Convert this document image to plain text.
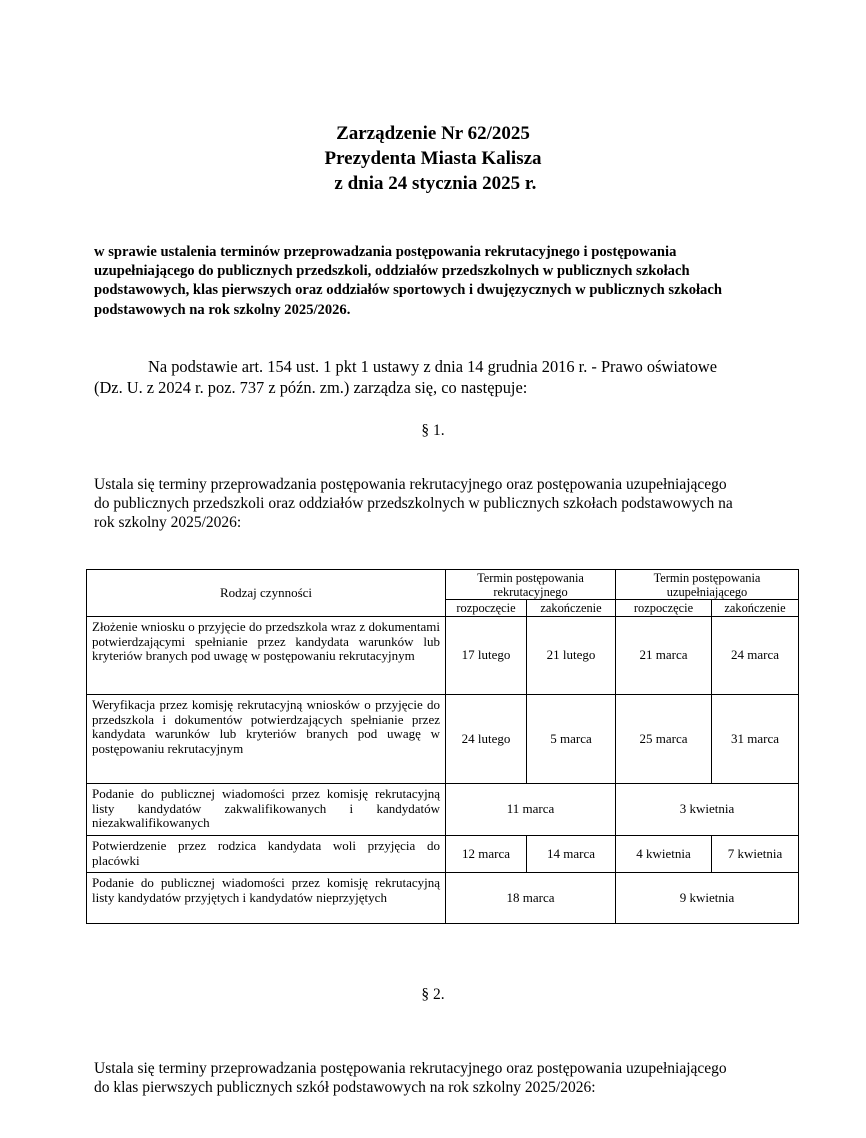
Zarządzenie Nr 62/2025
Prezydenta Miasta Kalisza
z dnia 24 stycznia 2025 r.
w sprawie ustalenia terminów przeprowadzania postępowania rekrutacyjnego i postępowania uzupełniającego do publicznych przedszkoli, oddziałów przedszkolnych w publicznych szkołach podstawowych, klas pierwszych oraz oddziałów sportowych i dwujęzycznych w publicznych szkołach podstawowych na rok szkolny 2025/2026.
Na podstawie art. 154 ust. 1 pkt 1 ustawy z dnia 14 grudnia 2016 r. - Prawo oświatowe
(Dz. U. z 2024 r. poz. 737 z późn. zm.) zarządza się, co następuje:
§ 1.
Ustala się terminy przeprowadzania postępowania rekrutacyjnego oraz postępowania uzupełniającego
do publicznych przedszkoli oraz oddziałów przedszkolnych w publicznych szkołach podstawowych na
rok szkolny 2025/2026:
Rodzaj czynności	Termin postępowania rekrutacyjnego		Termin postępowania uzupełniającego	
	rozpoczęcie	zakończenie	rozpoczęcie	zakończenie
Złożenie wniosku o przyjęcie do przedszkola wraz z dokumentami potwierdzającymi spełnianie przez kandydata warunków lub kryteriów branych pod uwagę w postępowaniu rekrutacyjnym	17 lutego	21 lutego	21 marca	24 marca
Weryfikacja przez komisję rekrutacyjną wniosków o przyjęcie do przedszkola i dokumentów potwierdzających spełnianie przez kandydata warunków lub kryteriów branych pod uwagę w postępowaniu rekrutacyjnym	24 lutego	5 marca	25 marca	31 marca
Podanie do publicznej wiadomości przez komisję rekrutacyjną listy kandydatów zakwalifikowanych i kandydatów niezakwalifikowanych	11 marca		3 kwietnia	
Potwierdzenie przez rodzica kandydata woli przyjęcia do placówki	12 marca	14 marca	4 kwietnia	7 kwietnia
Podanie do publicznej wiadomości przez komisję rekrutacyjną listy kandydatów przyjętych i kandydatów nieprzyjętych	18 marca		9 kwietnia	
§ 2.
Ustala się terminy przeprowadzania postępowania rekrutacyjnego oraz postępowania uzupełniającego
do klas pierwszych publicznych szkół podstawowych na rok szkolny 2025/2026:
